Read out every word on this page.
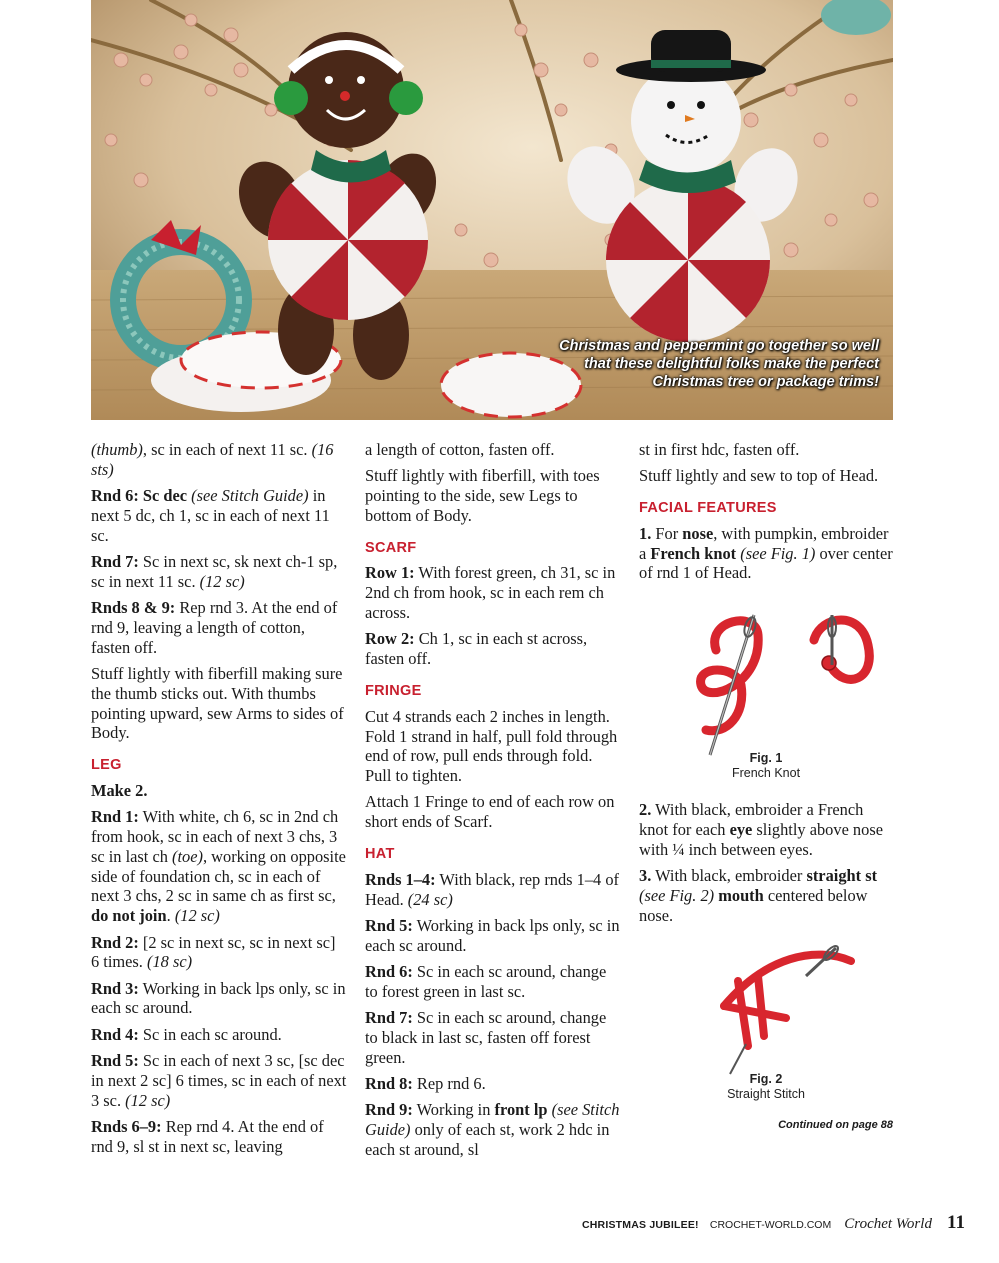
Christmas and peppermint go together so well that these delightful folks make the perfect Christmas tree or package trims!

(thumb), sc in each of next 11 sc. (16 sts)

Rnd 6: Sc dec (see Stitch Guide) in next 5 dc, ch 1, sc in each of next 11 sc.

Rnd 7: Sc in next sc, sk next ch-1 sp, sc in next 11 sc. (12 sc)

Rnds 8 & 9: Rep rnd 3. At the end of rnd 9, leaving a length of cotton, fasten off.

Stuff lightly with fiberfill making sure the thumb sticks out. With thumbs pointing upward, sew Arms to sides of Body.

LEG

Make 2.

Rnd 1: With white, ch 6, sc in 2nd ch from hook, sc in each of next 3 chs, 3 sc in last ch (toe), working on opposite side of foundation ch, sc in each of next 3 chs, 2 sc in same ch as first sc, do not join. (12 sc)

Rnd 2: [2 sc in next sc, sc in next sc] 6 times. (18 sc)

Rnd 3: Working in back lps only, sc in each sc around.

Rnd 4: Sc in each sc around.

Rnd 5: Sc in each of next 3 sc, [sc dec in next 2 sc] 6 times, sc in each of next 3 sc. (12 sc)

Rnds 6–9: Rep rnd 4. At the end of rnd 9, sl st in next sc, leaving

a length of cotton, fasten off.

Stuff lightly with fiberfill, with toes pointing to the side, sew Legs to bottom of Body.

SCARF

Row 1: With forest green, ch 31, sc in 2nd ch from hook, sc in each rem ch across.

Row 2: Ch 1, sc in each st across, fasten off.

FRINGE

Cut 4 strands each 2 inches in length. Fold 1 strand in half, pull fold through end of row, pull ends through fold. Pull to tighten.

Attach 1 Fringe to end of each row on short ends of Scarf.

HAT

Rnds 1–4: With black, rep rnds 1–4 of Head. (24 sc)

Rnd 5: Working in back lps only, sc in each sc around.

Rnd 6: Sc in each sc around, change to forest green in last sc.

Rnd 7: Sc in each sc around, change to black in last sc, fasten off forest green.

Rnd 8: Rep rnd 6.

Rnd 9: Working in front lp (see Stitch Guide) only of each st, work 2 hdc in each st around, sl

st in first hdc, fasten off.

Stuff lightly and sew to top of Head.

FACIAL FEATURES

1. For nose, with pumpkin, embroider a French knot (see Fig. 1) over center of rnd 1 of Head.

Fig. 1
French Knot

2. With black, embroider a French knot for each eye slightly above nose with ¼ inch between eyes.

3. With black, embroider straight st (see Fig. 2) mouth centered below nose.

Fig. 2
Straight Stitch
Continued on page 88
CHRISTMAS JUBILEE! CROCHET-WORLD.COM Crochet World 11
